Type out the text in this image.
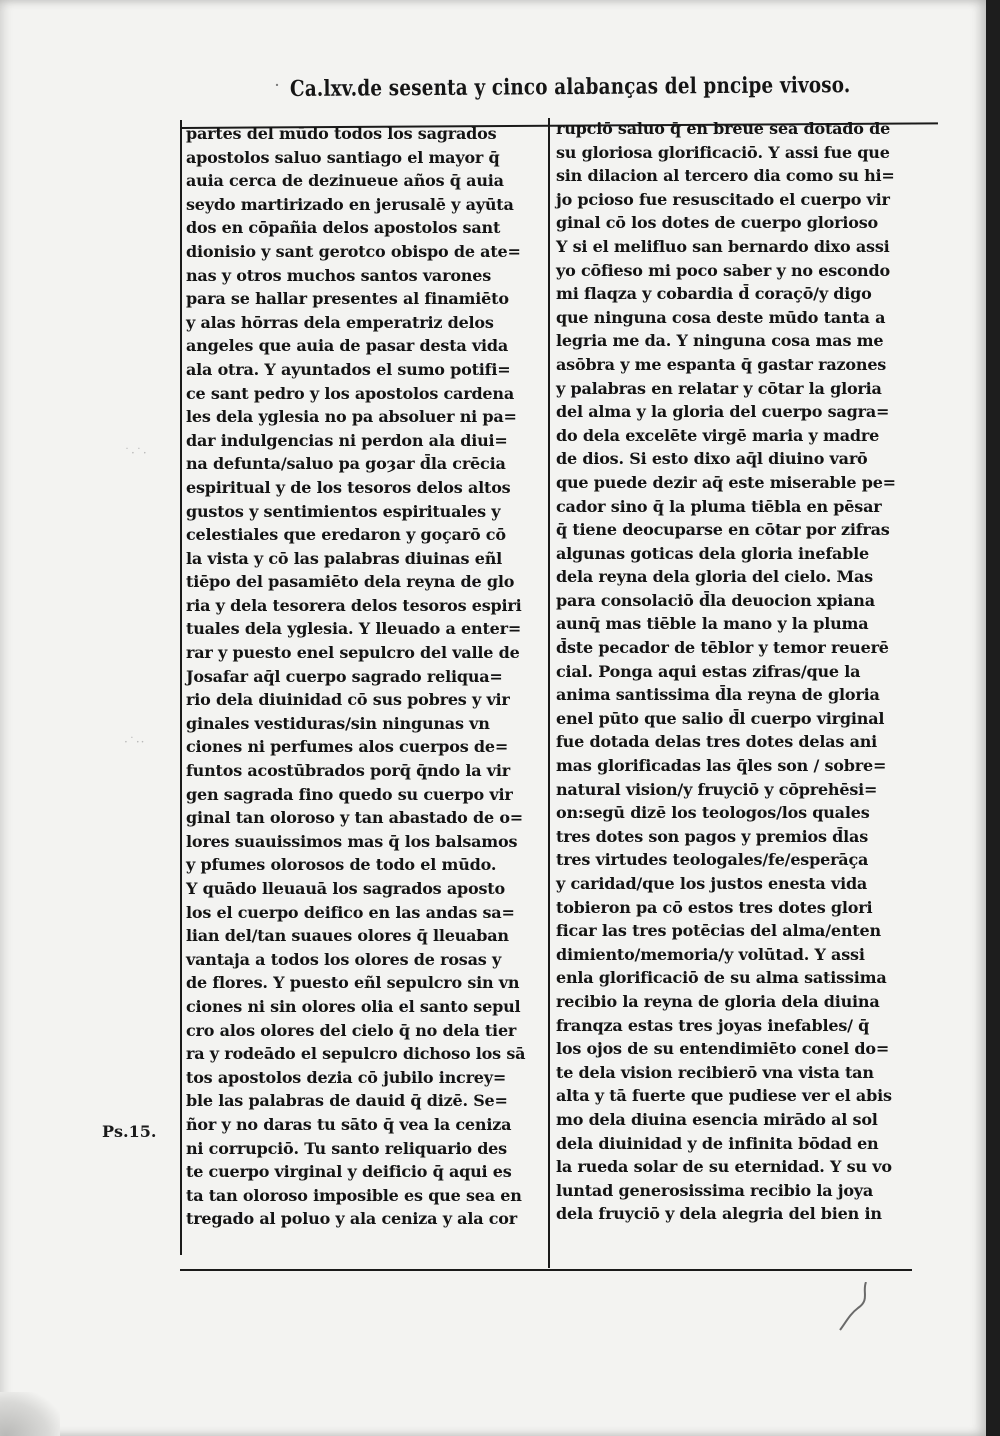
˙ Ca.lxv.de sesenta y cinco alabanças del pncipe vivoso.
partes del mūdo todos los sagrados
apostolos saluo santiago el mayor q̄
auia cerca de dezinueue años q̄ auia
seydo martirizado en jerusalē y ayūta
dos en cōpañia delos apostolos sant
dionisio y sant gerotco obispo de ate=
nas y otros muchos santos varones
para se hallar presentes al finamiēto
y alas hōrras dela emperatriz delos
angeles que auia de pasar desta vida
ala otra. Y ayuntados el sumo potifi=
ce sant pedro y los apostolos cardena
les dela yglesia no pa absoluer ni pa=
dar indulgencias ni perdon ala diui=
na defunta/saluo pa goȝar d̄la crēcia
espiritual y de los tesoros delos altos
gustos y sentimientos espirituales y
celestiales que eredaron y goçarō cō
la vista y cō las palabras diuinas eñl
tiēpo del pasamiēto dela reyna de glo
ria y dela tesorera delos tesoros espiri
tuales dela yglesia. Y lleuado a enter=
rar y puesto enel sepulcro del valle de
Josafar aq̄l cuerpo sagrado reliqua=
rio dela diuinidad cō sus pobres y vir
ginales vestiduras/sin ningunas vn
ciones ni perfumes alos cuerpos de=
funtos acostūbrados porq̄ q̄ndo la vir
gen sagrada fino quedo su cuerpo vir
ginal tan oloroso y tan abastado de o=
lores suauissimos mas q̄ los balsamos
y pfumes olorosos de todo el mūdo.
Y quādo lleuauā los sagrados aposto
los el cuerpo deifico en las andas sa=
lian del/tan suaues olores q̄ lleuaban
vantaja a todos los olores de rosas y
de flores. Y puesto eñl sepulcro sin vn
ciones ni sin olores olia el santo sepul
cro alos olores del cielo q̄ no dela tier
ra y rodeādo el sepulcro dichoso los sā
tos apostolos dezia cō jubilo increy=
ble las palabras de dauid q̄ dizē. Se=
ñor y no daras tu sāto q̄ vea la ceniza
ni corrupciō. Tu santo reliquario des
te cuerpo virginal y deificio q̄ aqui es
ta tan oloroso imposible es que sea en
tregado al poluo y ala ceniza y ala cor
rupciō saluo q̄ en breue sea dotado de
su gloriosa glorificaciō. Y assi fue que
sin dilacion al tercero dia como su hi=
jo pcioso fue resuscitado el cuerpo vir
ginal cō los dotes de cuerpo glorioso
Y si el melifluo san bernardo dixo assi
yo cōfieso mi poco saber y no escondo
mi flaqza y cobardia d̄ coraçō/y digo
que ninguna cosa deste mūdo tanta a
legria me da. Y ninguna cosa mas me
asōbra y me espanta q̄ gastar razones
y palabras en relatar y cōtar la gloria
del alma y la gloria del cuerpo sagra=
do dela excelēte virgē maria y madre
de dios. Si esto dixo aq̄l diuino varō
que puede dezir aq̄ este miserable pe=
cador sino q̄ la pluma tiēbla en pēsar
q̄ tiene deocuparse en cōtar por zifras
algunas goticas dela gloria inefable
dela reyna dela gloria del cielo. Mas
para consolaciō d̄la deuocion xpiana
aunq̄ mas tiēble la mano y la pluma
d̄ste pecador de tēblor y temor reuerē
cial. Ponga aqui estas zifras/que la
anima santissima d̄la reyna de gloria
enel pūto que salio d̄l cuerpo virginal
fue dotada delas tres dotes delas ani
mas glorificadas las q̄les son / sobre=
natural vision/y fruyciō y cōprehēsi=
on:segū dizē los teologos/los quales
tres dotes son pagos y premios d̄las
tres virtudes teologales/fe/esperāça
y caridad/que los justos enesta vida
tobieron pa cō estos tres dotes glori
ficar las tres potēcias del alma/enten
dimiento/memoria/y volūtad. Y assi
enla glorificaciō de su alma satissima
recibio la reyna de gloria dela diuina
franqza estas tres joyas inefables/ q̄
los ojos de su entendimiēto conel do=
te dela vision recibierō vna vista tan
alta y tā fuerte que pudiese ver el abis
mo dela diuina esencia mirādo al sol
dela diuinidad y de infinita bōdad en
la rueda solar de su eternidad. Y su vo
luntad generosissima recibio la joya
dela fruyciō y dela alegria del bien in
Ps.15.
˙·˙·
·˙··
